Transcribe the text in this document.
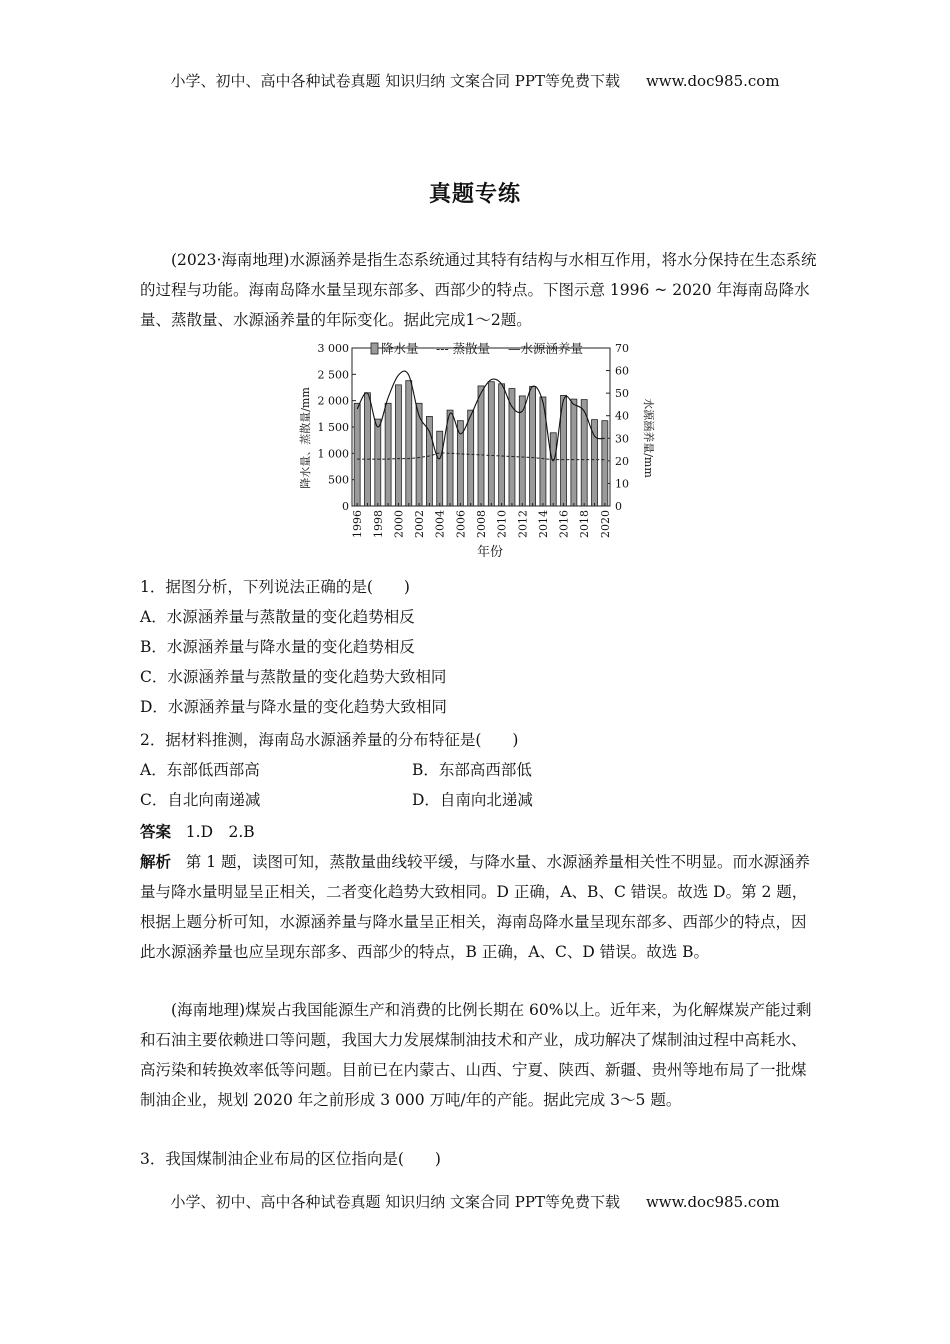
小学、初中、高中各种试卷真题 知识归纳 文案合同 PPT等免费下载 www.doc985.com
真题专练

(2023·海南地理)水源涵养是指生态系统通过其特有结构与水相互作用，将水分保持在生态系统的过程与功能。海南岛降水量呈现东部多、西部少的特点。下图示意 1996 ~ 2020 年海南岛降水量、蒸散量、水源涵养量的年际变化。据此完成1～2题。

0
500
1 000
1 500
2 000
2 500
3 000
0
10
20
30
40
50
60
70
1996 1998 2000 2002 2004 2006 2008 2010 2012 2014 2016 2018 2020
降水量、蒸散量/mm	水源涵养量/mm
年份
降水量 --- 蒸散量 —水源涵养量
1．据图分析，下列说法正确的是(　　)
A．水源涵养量与蒸散量的变化趋势相反
B．水源涵养量与降水量的变化趋势相反
C．水源涵养量与蒸散量的变化趋势大致相同
D．水源涵养量与降水量的变化趋势大致相同
2．据材料推测，海南岛水源涵养量的分布特征是(　　)
A．东部低西部高	B．东部高西部低
C．自北向南递减	D．自南向北递减
答案 1.D　2.B

解析 第 1 题，读图可知，蒸散量曲线较平缓，与降水量、水源涵养量相关性不明显。而水源涵养量与降水量明显呈正相关，二者变化趋势大致相同。D 正确，A、B、C 错误。故选 D。第 2 题，根据上题分析可知，水源涵养量与降水量呈正相关，海南岛降水量呈现东部多、西部少的特点，因此水源涵养量也应呈现东部多、西部少的特点，B 正确，A、C、D 错误。故选 B。

(海南地理)煤炭占我国能源生产和消费的比例长期在 60%以上。近年来，为化解煤炭产能过剩和石油主要依赖进口等问题，我国大力发展煤制油技术和产业，成功解决了煤制油过程中高耗水、高污染和转换效率低等问题。目前已在内蒙古、山西、宁夏、陕西、新疆、贵州等地布局了一批煤制油企业，规划 2020 年之前形成 3 000 万吨/年的产能。据此完成 3～5 题。

3．我国煤制油企业布局的区位指向是(　　)
小学、初中、高中各种试卷真题 知识归纳 文案合同 PPT等免费下载 www.doc985.com
